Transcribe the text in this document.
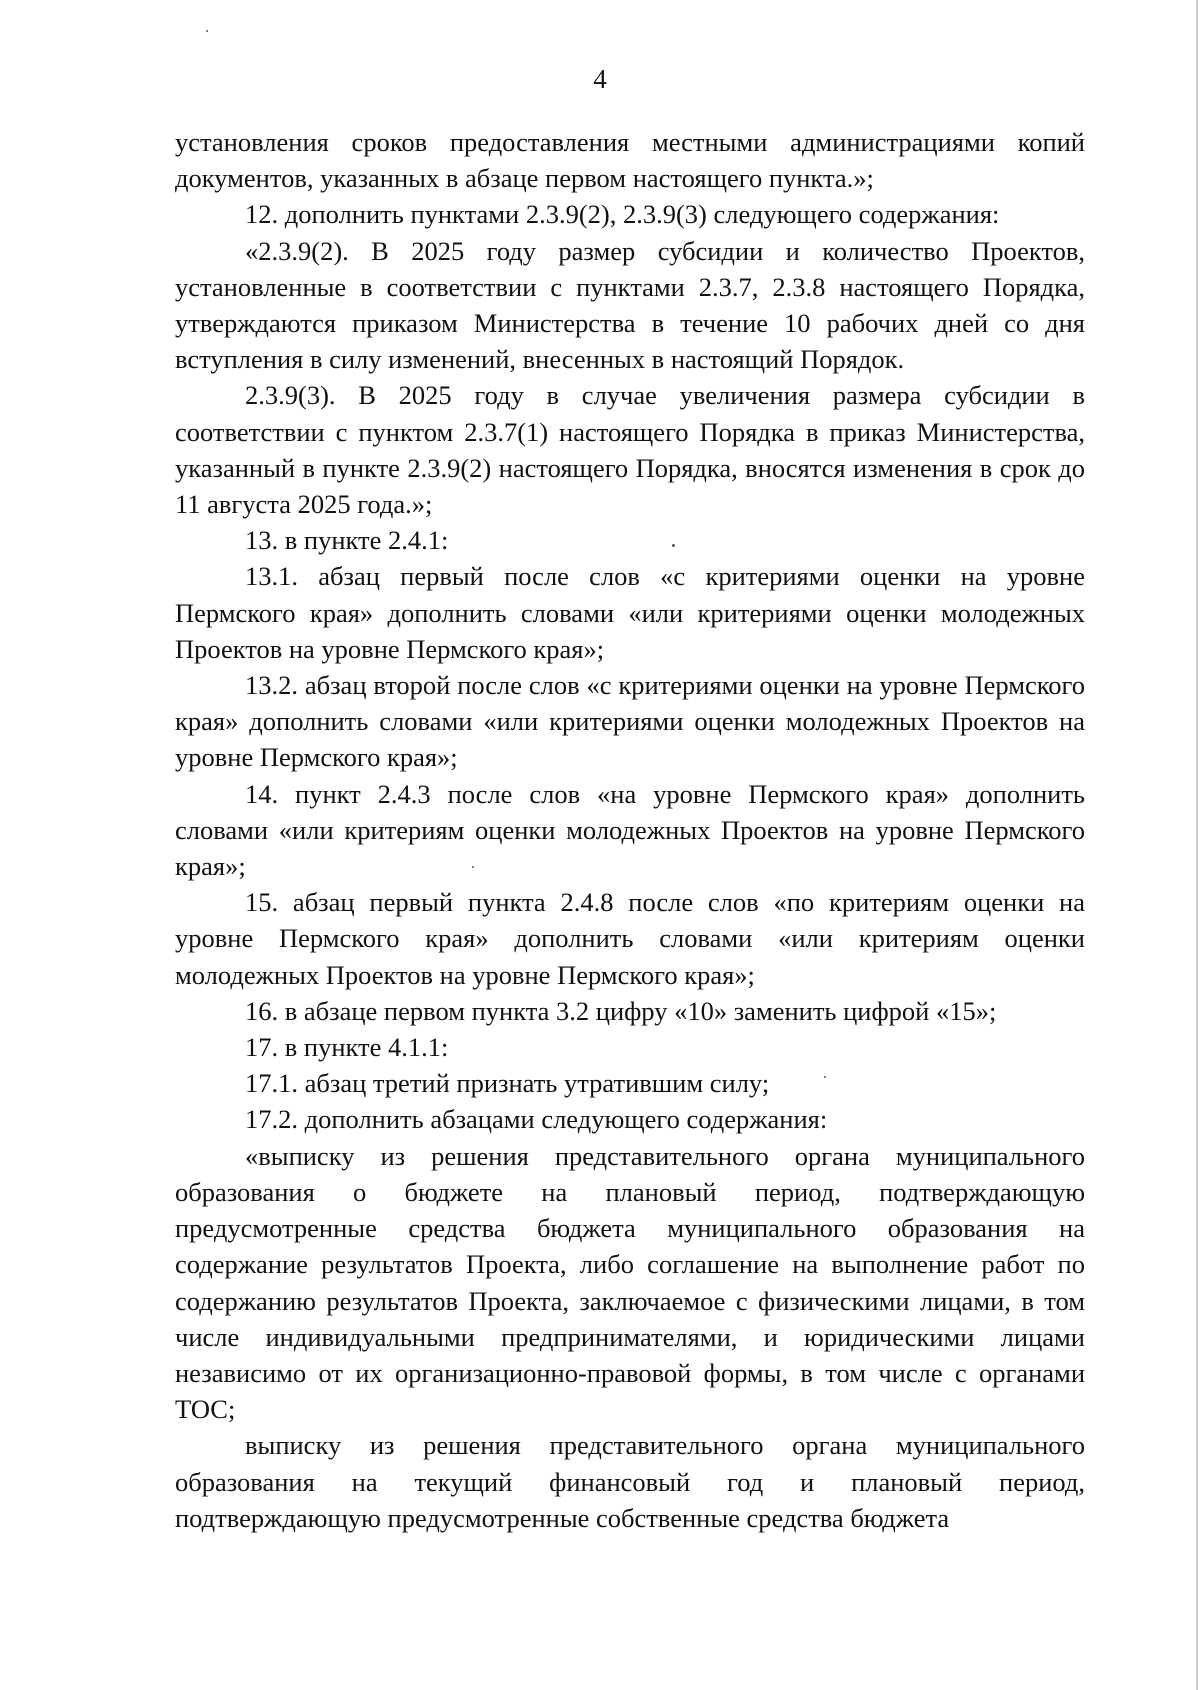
4

установления сроков предоставления местными администрациями копий документов, указанных в абзаце первом настоящего пункта.»;

12. дополнить пунктами 2.3.9(2), 2.3.9(3) следующего содержания:

«2.3.9(2). В 2025 году размер субсидии и количество Проектов, установленные в соответствии с пунктами 2.3.7, 2.3.8 настоящего Порядка, утверждаются приказом Министерства в течение 10 рабочих дней со дня вступления в силу изменений, внесенных в настоящий Порядок.

2.3.9(3). В 2025 году в случае увеличения размера субсидии в соответствии с пунктом 2.3.7(1) настоящего Порядка в приказ Министерства, указанный в пункте 2.3.9(2) настоящего Порядка, вносятся изменения в срок до 11 августа 2025 года.»;

13. в пункте 2.4.1:

13.1. абзац первый после слов «с критериями оценки на уровне Пермского края» дополнить словами «или критериями оценки молодежных Проектов на уровне Пермского края»;

13.2. абзац второй после слов «с критериями оценки на уровне Пермского края» дополнить словами «или критериями оценки молодежных Проектов на уровне Пермского края»;

14. пункт 2.4.3 после слов «на уровне Пермского края» дополнить словами «или критериям оценки молодежных Проектов на уровне Пермского края»;

15. абзац первый пункта 2.4.8 после слов «по критериям оценки на уровне Пермского края» дополнить словами «или критериям оценки молодежных Проектов на уровне Пермского края»;

16. в абзаце первом пункта 3.2 цифру «10» заменить цифрой «15»;

17. в пункте 4.1.1:

17.1. абзац третий признать утратившим силу;

17.2. дополнить абзацами следующего содержания:

«выписку из решения представительного органа муниципального образования о бюджете на плановый период, подтверждающую предусмотренные средства бюджета муниципального образования на содержание результатов Проекта, либо соглашение на выполнение работ по содержанию результатов Проекта, заключаемое с физическими лицами, в том числе индивидуальными предпринимателями, и юридическими лицами независимо от их организационно-правовой формы, в том числе с органами ТОС;

выписку из решения представительного органа муниципального образования на текущий финансовый год и плановый период, подтверждающую предусмотренные собственные средства бюджета
